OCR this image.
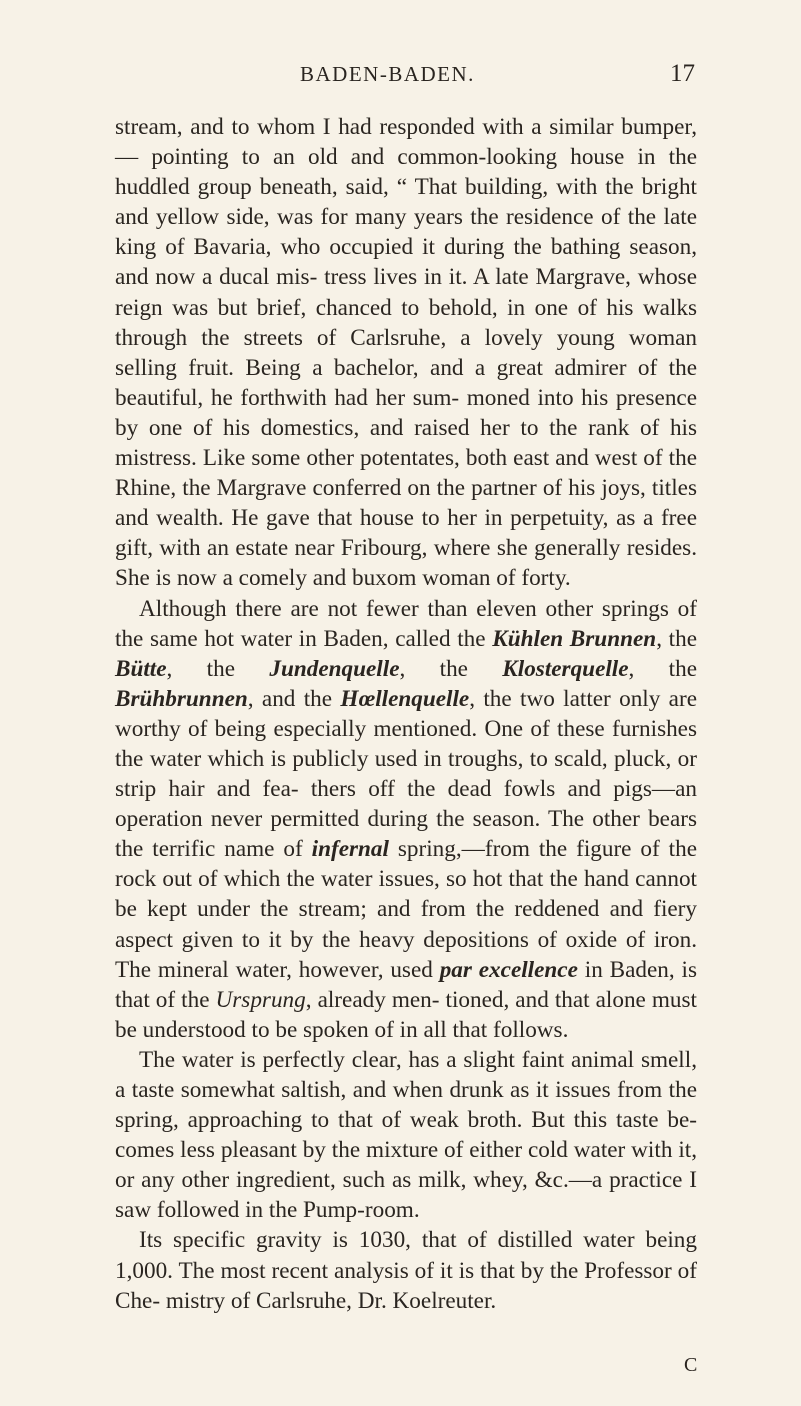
BADEN-BADEN.	17

stream, and to whom I had responded with a similar bumper,— pointing to an old and common-looking house in the huddled group beneath, said, “ That building, with the bright and yellow side, was for many years the residence of the late king of Bavaria, who occupied it during the bathing season, and now a ducal mis- tress lives in it. A late Margrave, whose reign was but brief, chanced to behold, in one of his walks through the streets of Carlsruhe, a lovely young woman selling fruit. Being a bachelor, and a great admirer of the beautiful, he forthwith had her sum- moned into his presence by one of his domestics, and raised her to the rank of his mistress. Like some other potentates, both east and west of the Rhine, the Margrave conferred on the partner of his joys, titles and wealth. He gave that house to her in perpetuity, as a free gift, with an estate near Fribourg, where she generally resides. She is now a comely and buxom woman of forty.

Although there are not fewer than eleven other springs of the same hot water in Baden, called the Kühlen Brunnen, the Bütte, the Jundenquelle, the Klosterquelle, the Brühbrunnen, and the Hœllenquelle, the two latter only are worthy of being especially mentioned. One of these furnishes the water which is publicly used in troughs, to scald, pluck, or strip hair and fea- thers off the dead fowls and pigs—an operation never permitted during the season. The other bears the terrific name of infernal spring,—from the figure of the rock out of which the water issues, so hot that the hand cannot be kept under the stream; and from the reddened and fiery aspect given to it by the heavy depositions of oxide of iron. The mineral water, however, used par excellence in Baden, is that of the Ursprung, already men- tioned, and that alone must be understood to be spoken of in all that follows.

The water is perfectly clear, has a slight faint animal smell, a taste somewhat saltish, and when drunk as it issues from the spring, approaching to that of weak broth. But this taste be- comes less pleasant by the mixture of either cold water with it, or any other ingredient, such as milk, whey, &c.—a practice I saw followed in the Pump-room.

Its specific gravity is 1030, that of distilled water being 1,000. The most recent analysis of it is that by the Professor of Che- mistry of Carlsruhe, Dr. Koelreuter.

C
